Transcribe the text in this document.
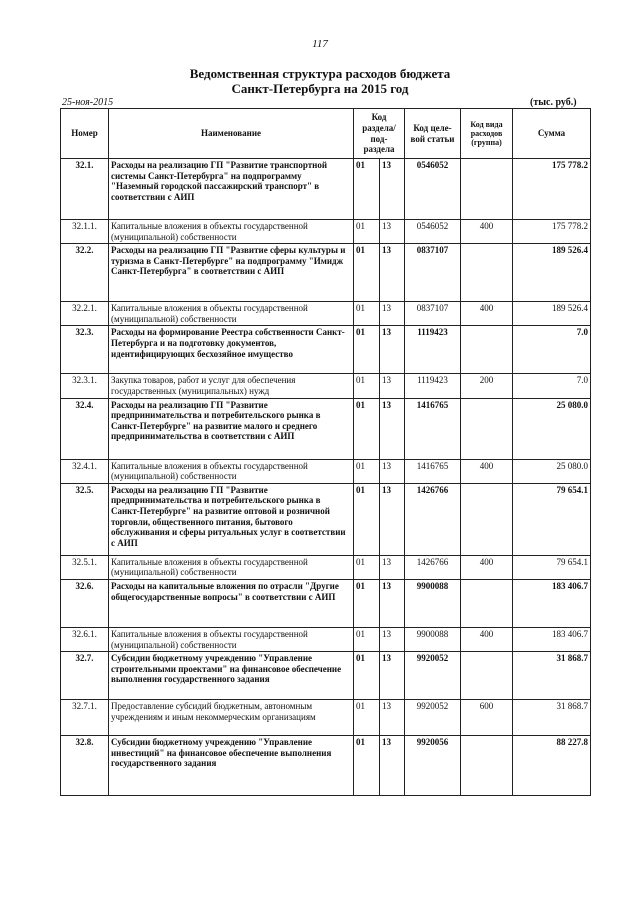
117
Ведомственная структура расходов бюджета
Санкт-Петербурга на 2015 год
25-ноя-2015	(тыс. руб.)
Номер	Наименование	Код раздела/ под- раздела		Код целе- вой статьи	Код вида расходов (группа)	Сумма
32.1.	Расходы на реализацию ГП "Развитие транспортной системы Санкт-Петербурга" на подпрограмму "Наземный городской пассажирский транспорт" в соответствии с АИП	01	13	0546052		175 778.2
32.1.1.	Капитальные вложения в объекты государственной (муниципальной) собственности	01	13	0546052	400	175 778.2
32.2.	Расходы на реализацию ГП "Развитие сферы культуры и туризма в Санкт-Петербурге" на подпрограмму "Имидж Санкт-Петербурга" в соответствии с АИП	01	13	0837107		189 526.4
32.2.1.	Капитальные вложения в объекты государственной (муниципальной) собственности	01	13	0837107	400	189 526.4
32.3.	Расходы на формирование Реестра собственности Санкт-Петербурга и на подготовку документов, идентифицирующих бесхозяйное имущество	01	13	1119423		7.0
32.3.1.	Закупка товаров, работ и услуг для обеспечения государственных (муниципальных) нужд	01	13	1119423	200	7.0
32.4.	Расходы на реализацию ГП "Развитие предпринимательства и потребительского рынка в Санкт-Петербурге" на развитие малого и среднего предпринимательства в соответствии с АИП	01	13	1416765		25 080.0
32.4.1.	Капитальные вложения в объекты государственной (муниципальной) собственности	01	13	1416765	400	25 080.0
32.5.	Расходы на реализацию ГП "Развитие предпринимательства и потребительского рынка в Санкт-Петербурге" на развитие оптовой и розничной торговли, общественного питания, бытового обслуживания и сферы ритуальных услуг в соответствии с АИП	01	13	1426766		79 654.1
32.5.1.	Капитальные вложения в объекты государственной (муниципальной) собственности	01	13	1426766	400	79 654.1
32.6.	Расходы на капитальные вложения по отрасли "Другие общегосударственные вопросы" в соответствии с АИП	01	13	9900088		183 406.7
32.6.1.	Капитальные вложения в объекты государственной (муниципальной) собственности	01	13	9900088	400	183 406.7
32.7.	Субсидии бюджетному учреждению "Управление строительными проектами" на финансовое обеспечение выполнения государственного задания	01	13	9920052		31 868.7
32.7.1.	Предоставление субсидий бюджетным, автономным учреждениям и иным некоммерческим организациям	01	13	9920052	600	31 868.7
32.8.	Субсидии бюджетному учреждению "Управление инвестиций" на финансовое обеспечение выполнения государственного задания	01	13	9920056		88 227.8
